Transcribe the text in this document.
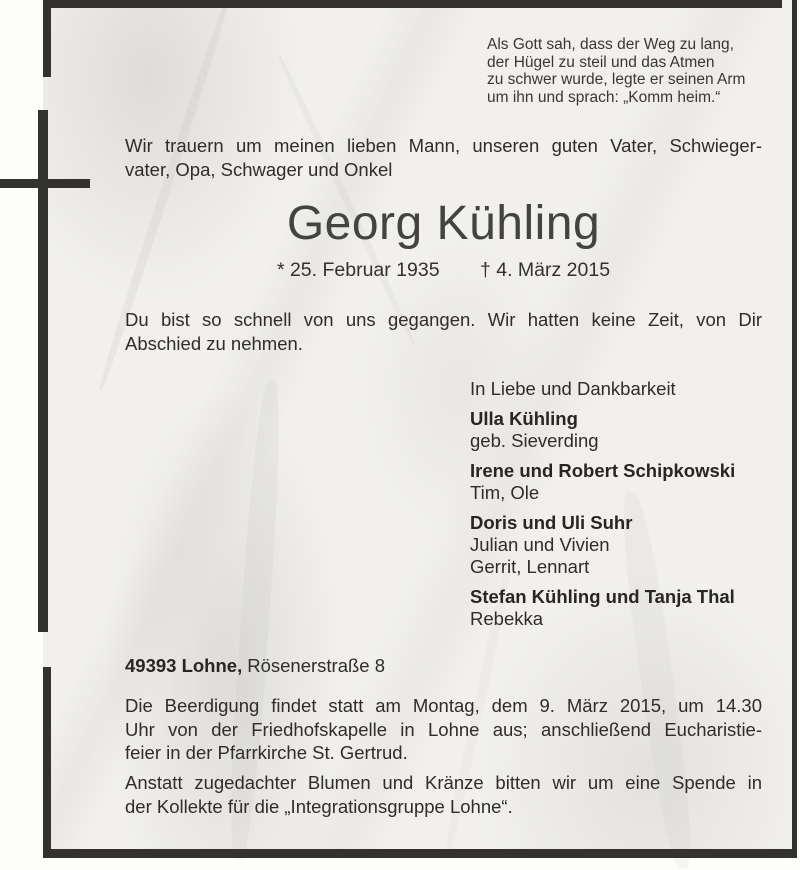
Als Gott sah, dass der Weg zu lang,
der Hügel zu steil und das Atmen
zu schwer wurde, legte er seinen Arm
um ihn und sprach: „Komm heim.“
Wir trauern um meinen lieben Mann, unseren guten Vater, Schwieger-
vater, Opa, Schwager und Onkel
Georg Kühling
* 25. Februar 1935 † 4. März 2015
Du bist so schnell von uns gegangen. Wir hatten keine Zeit, von Dir
Abschied zu nehmen.
In Liebe und Dankbarkeit
Ulla Kühling
geb. Sieverding
Irene und Robert Schipkowski
Tim, Ole
Doris und Uli Suhr
Julian und Vivien
Gerrit, Lennart
Stefan Kühling und Tanja Thal
Rebekka
49393 Lohne, Rösenerstraße 8
Die Beerdigung findet statt am Montag, dem 9. März 2015, um 14.30
Uhr von der Friedhofskapelle in Lohne aus; anschließend Eucharistie-
feier in der Pfarrkirche St. Gertrud.
Anstatt zugedachter Blumen und Kränze bitten wir um eine Spende in
der Kollekte für die „Integrationsgruppe Lohne“.
